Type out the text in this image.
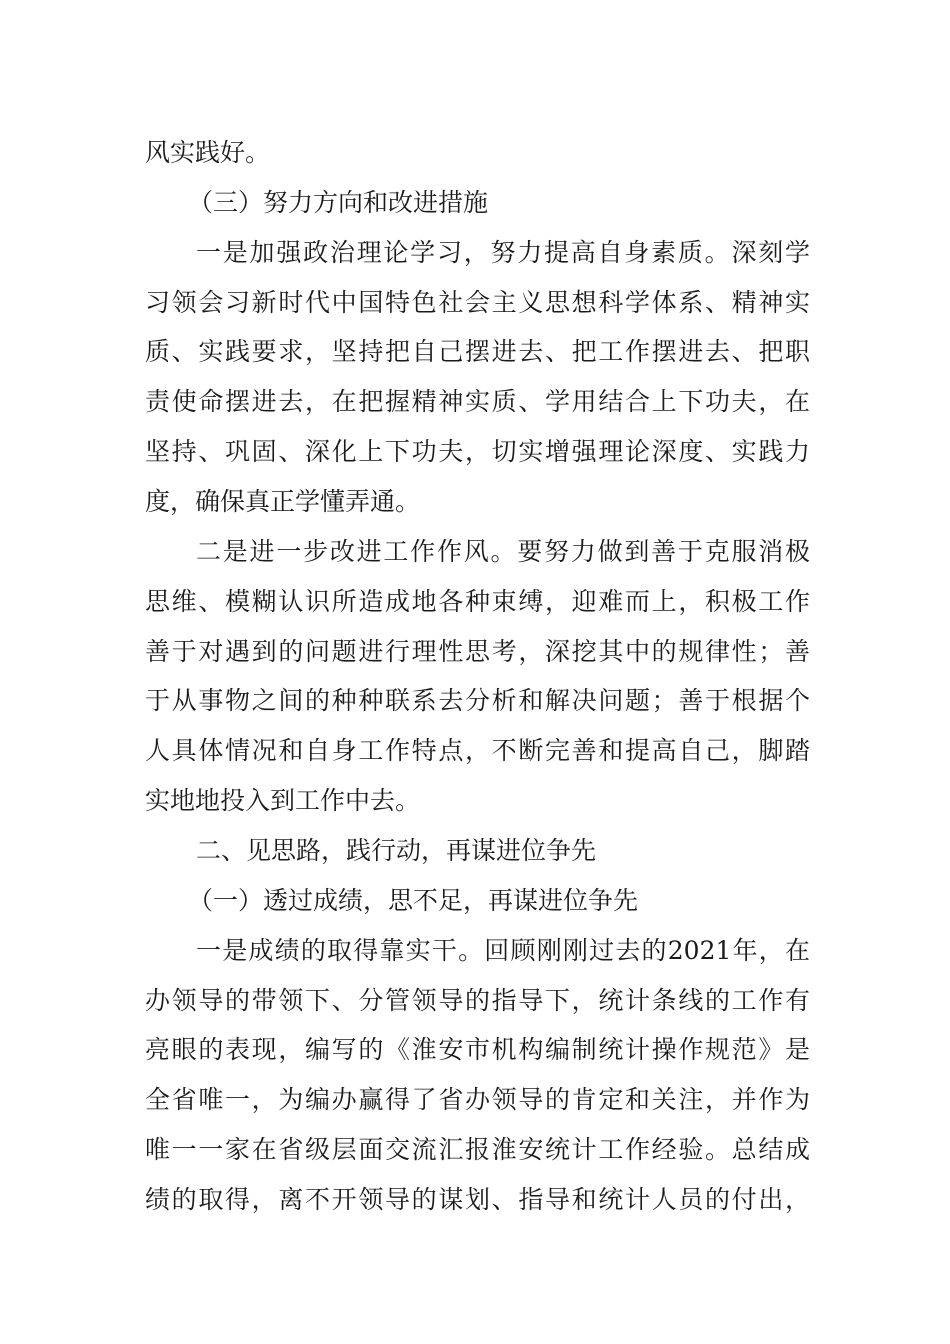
风实践好。
（三）努力方向和改进措施
一是加强政治理论学习，努力提高自身素质。深刻学
习领会习新时代中国特色社会主义思想科学体系、精神实
质、实践要求，坚持把自己摆进去、把工作摆进去、把职
责使命摆进去，在把握精神实质、学用结合上下功夫，在
坚持、巩固、深化上下功夫，切实增强理论深度、实践力
度，确保真正学懂弄通。
二是进一步改进工作作风。要努力做到善于克服消极
思维、模糊认识所造成地各种束缚，迎难而上，积极工作
善于对遇到的问题进行理性思考，深挖其中的规律性；善
于从事物之间的种种联系去分析和解决问题；善于根据个
人具体情况和自身工作特点，不断完善和提高自己，脚踏
实地地投入到工作中去。
二、见思路，践行动，再谋进位争先
（一）透过成绩，思不足，再谋进位争先
一是成绩的取得靠实干。回顾刚刚过去的2021年，在
办领导的带领下、分管领导的指导下，统计条线的工作有
亮眼的表现，编写的《淮安市机构编制统计操作规范》是
全省唯一，为编办赢得了省办领导的肯定和关注，并作为
唯一一家在省级层面交流汇报淮安统计工作经验。总结成
绩的取得，离不开领导的谋划、指导和统计人员的付出，
